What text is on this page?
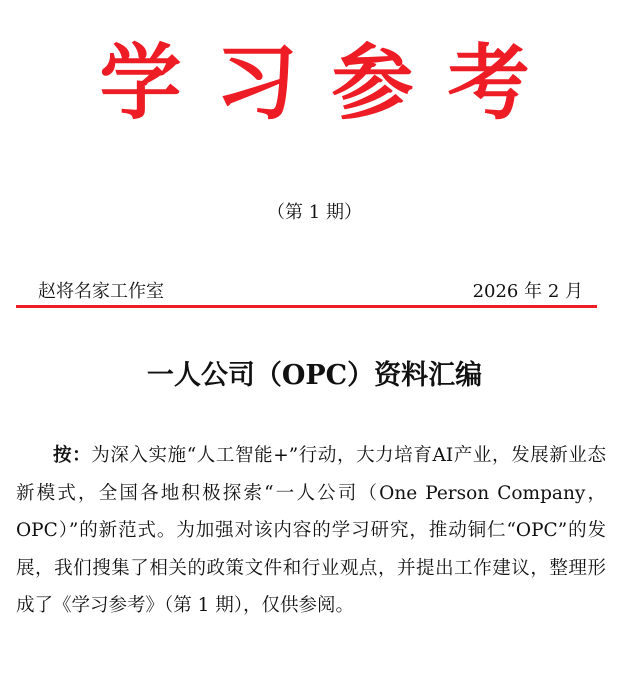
学习参考
（第 1 期）
赵将名家工作室	2026 年 2 月
一人公司（OPC）资料汇编

按：为深入实施“人工智能+”行动，大力培育AI产业，发展新业态新模式，全国各地积极探索“一人公司（One Person Company，OPC）”的新范式。为加强对该内容的学习研究，推动铜仁“OPC”的发展，我们搜集了相关的政策文件和行业观点，并提出工作建议，整理形成了《学习参考》（第 1 期），仅供参阅。
